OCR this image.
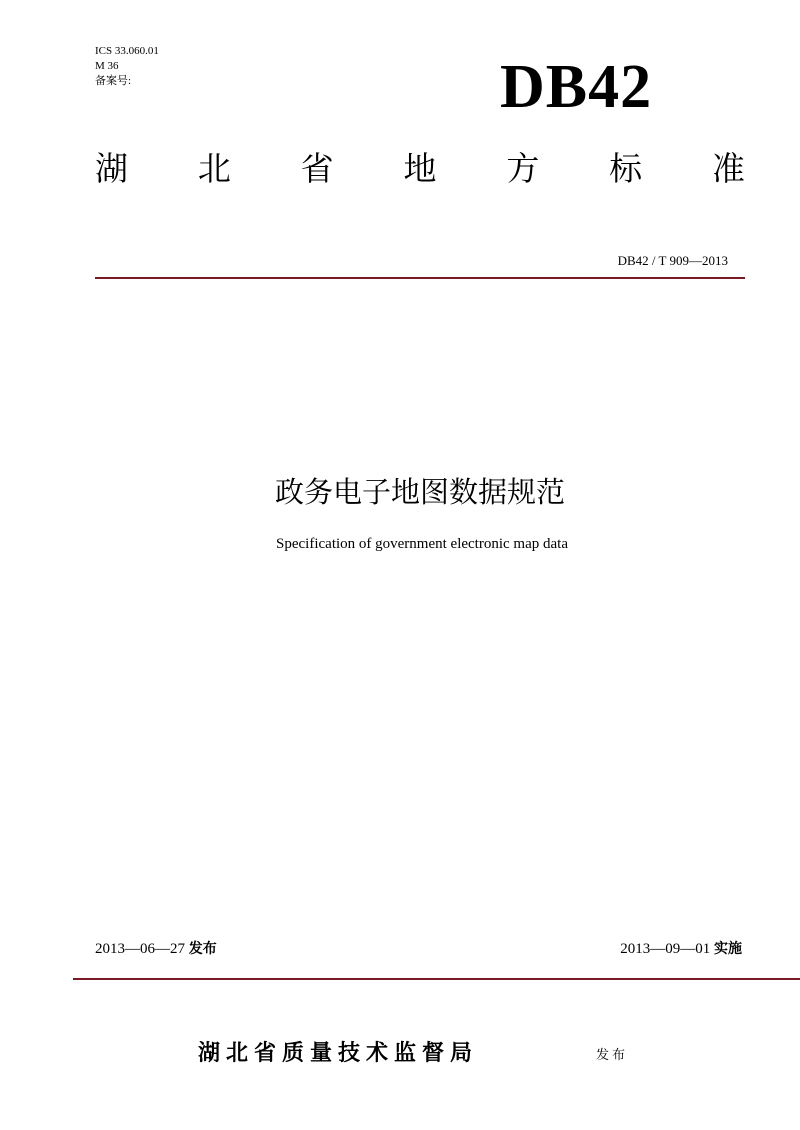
ICS 33.060.01
M 36
备案号:	DB42
湖 北 省 地 方 标 准
DB42 / T 909—2013
政务电子地图数据规范
Specification of government electronic map data
2013—06—27 发布	2013—09—01 实施
湖北省质量技术监督局	发布
